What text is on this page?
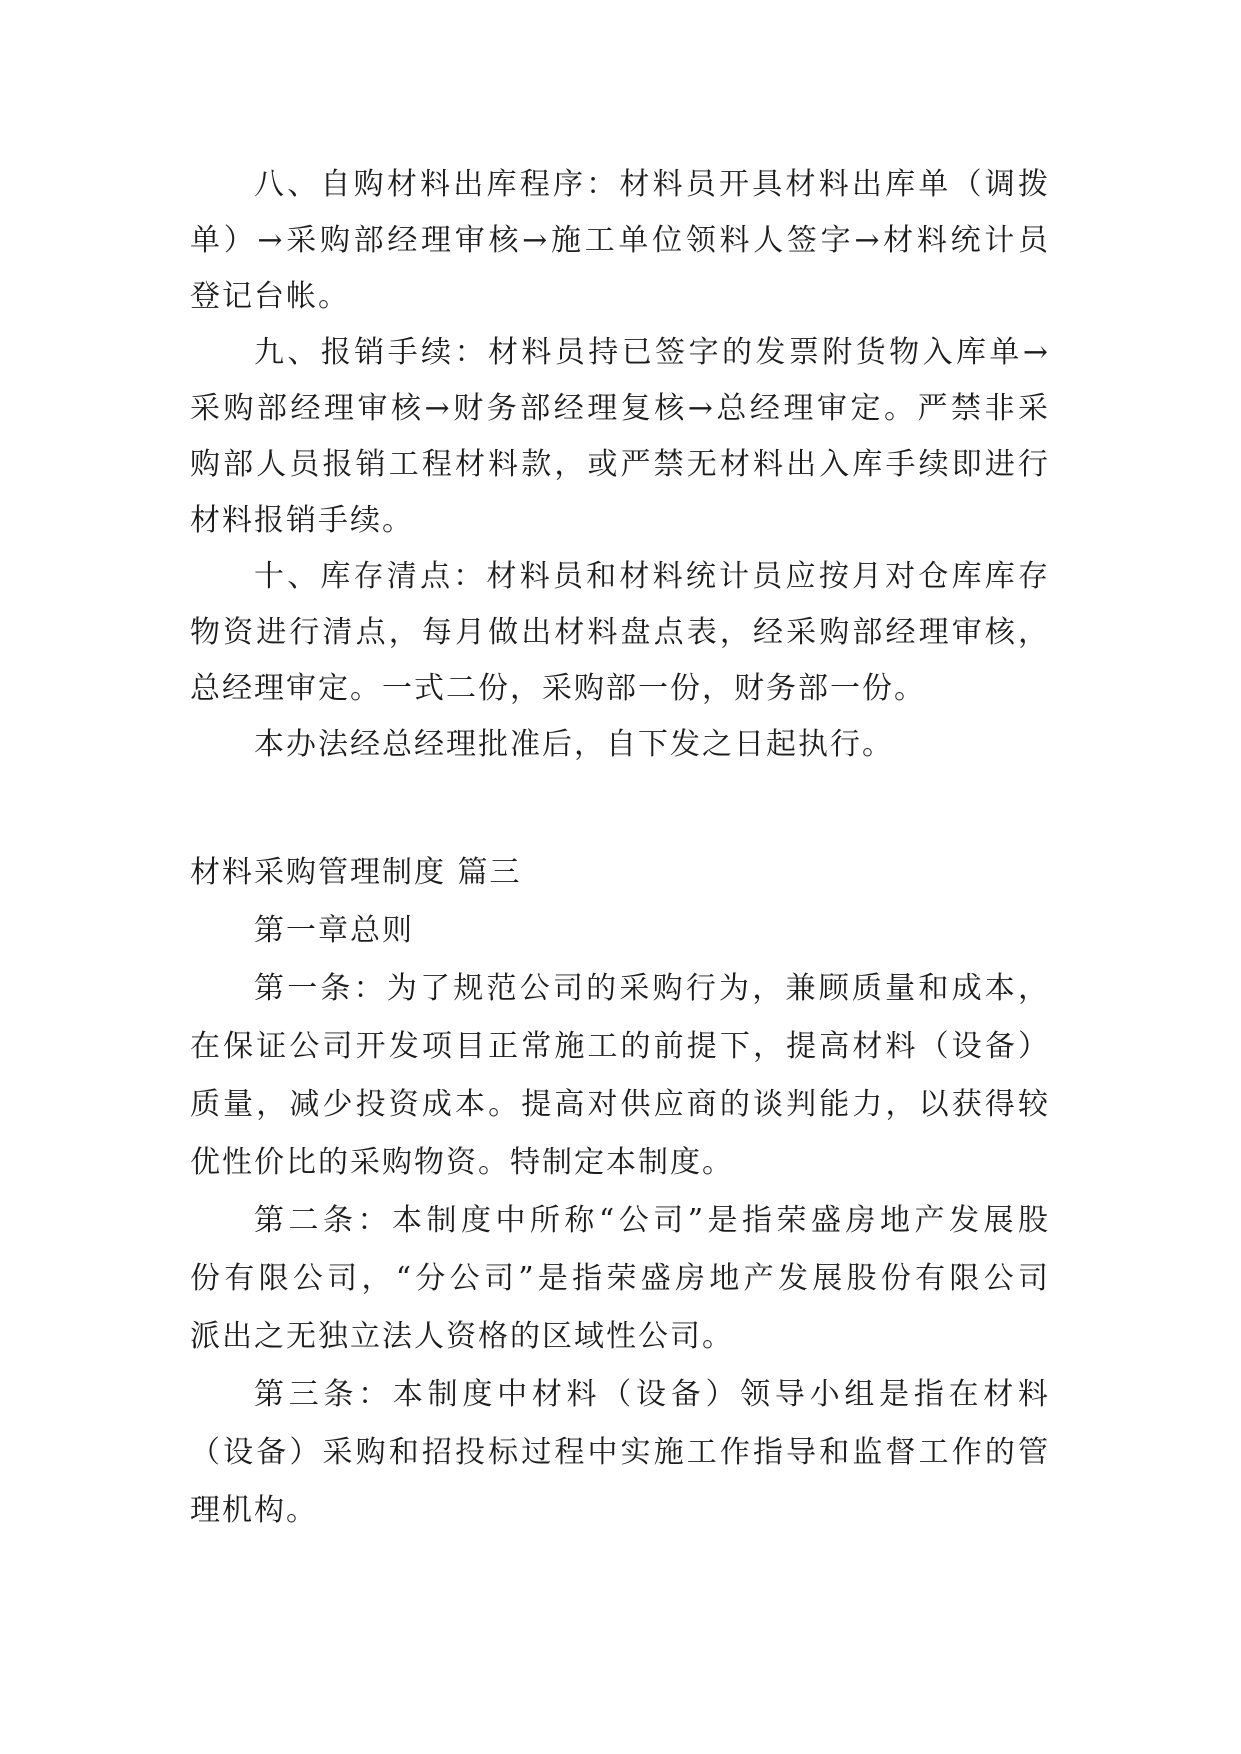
八、自购材料出库程序：材料员开具材料出库单（调拨
单）→采购部经理审核→施工单位领料人签字→材料统计员
登记台帐。
九、报销手续：材料员持已签字的发票附货物入库单→
采购部经理审核→财务部经理复核→总经理审定。严禁非采
购部人员报销工程材料款，或严禁无材料出入库手续即进行
材料报销手续。
十、库存清点：材料员和材料统计员应按月对仓库库存
物资进行清点，每月做出材料盘点表，经采购部经理审核，
总经理审定。一式二份，采购部一份，财务部一份。
本办法经总经理批准后，自下发之日起执行。
材料采购管理制度 篇三
第一章总则
第一条：为了规范公司的采购行为，兼顾质量和成本，
在保证公司开发项目正常施工的前提下，提高材料（设备）
质量，减少投资成本。提高对供应商的谈判能力，以获得较
优性价比的采购物资。特制定本制度。
第二条：本制度中所称“公司”是指荣盛房地产发展股
份有限公司，“分公司”是指荣盛房地产发展股份有限公司
派出之无独立法人资格的区域性公司。
第三条：本制度中材料（设备）领导小组是指在材料
（设备）采购和招投标过程中实施工作指导和监督工作的管
理机构。
